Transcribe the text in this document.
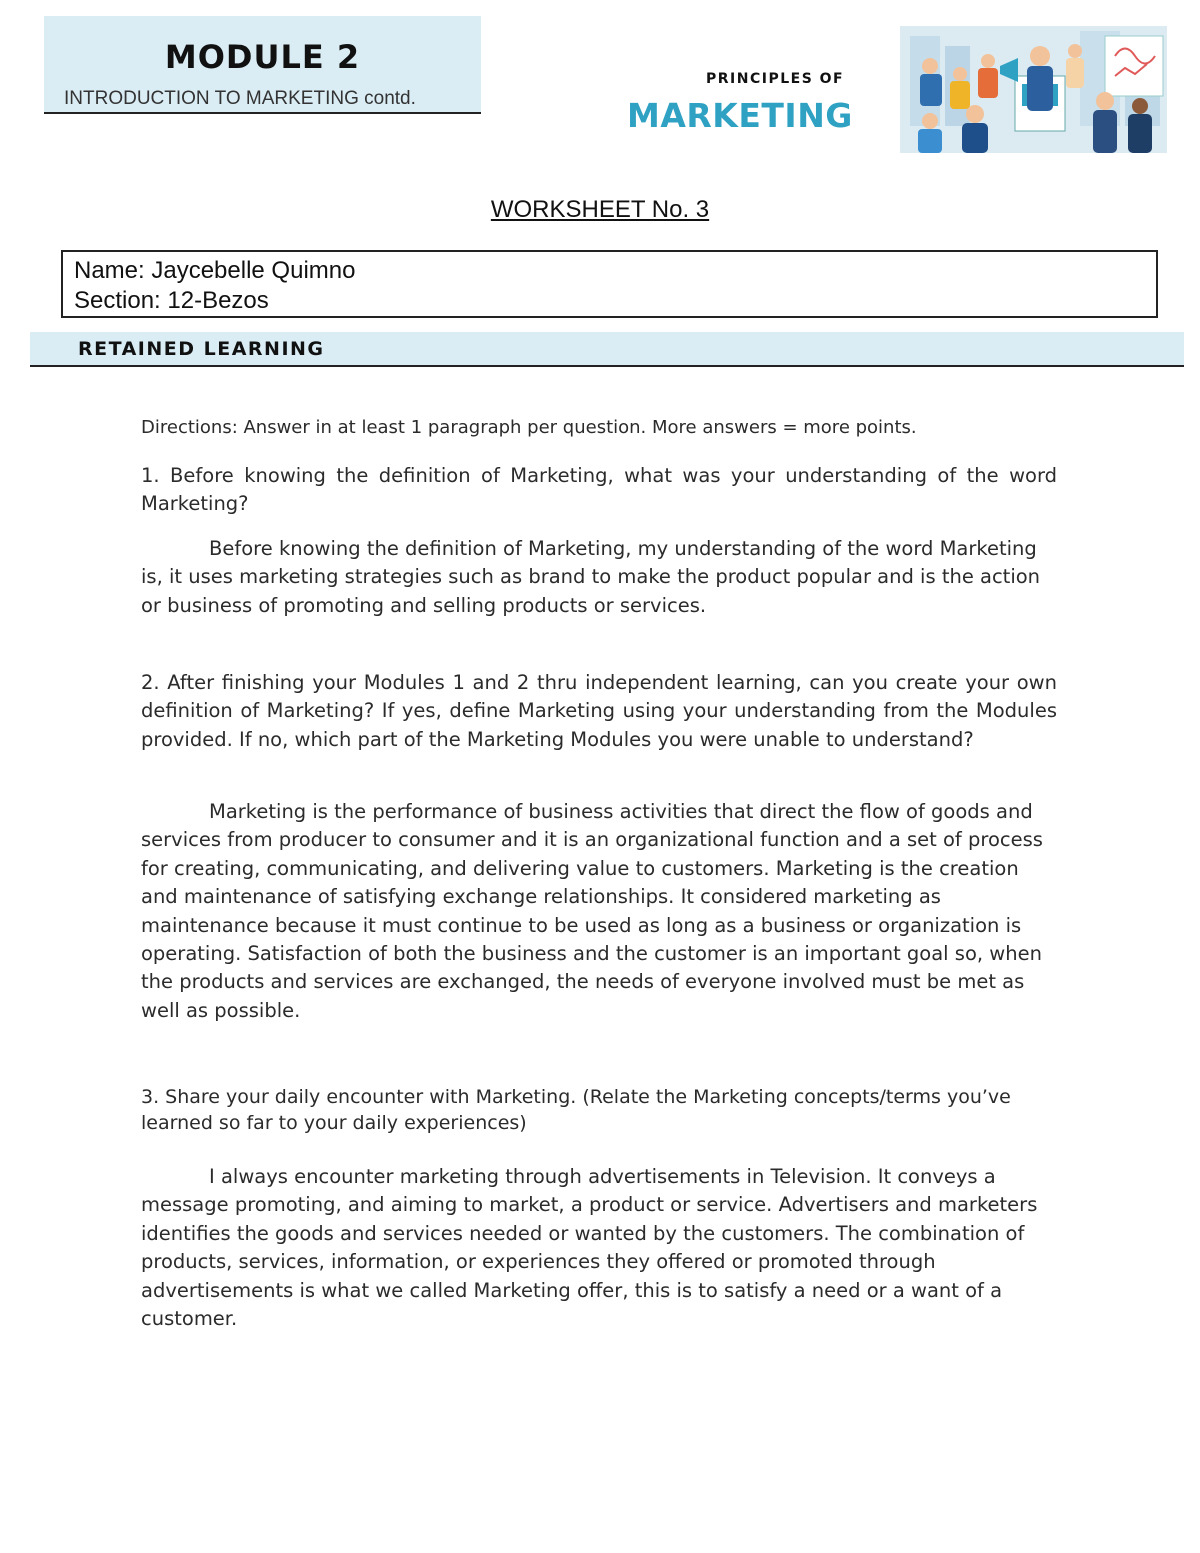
MODULE 2
INTRODUCTION TO MARKETING contd.
PRINCIPLES OF
MARKETING
WORKSHEET No. 3
Name: Jaycebelle Quimno
Section: 12-Bezos
RETAINED LEARNING

Directions: Answer in at least 1 paragraph per question. More answers = more points.

1. Before knowing the definition of Marketing, what was your understanding of the word Marketing?

Before knowing the definition of Marketing, my understanding of the word Marketing is, it uses marketing strategies such as brand to make the product popular and is the action or business of promoting and selling products or services.

2. After finishing your Modules 1 and 2 thru independent learning, can you create your own definition of Marketing? If yes, define Marketing using your understanding from the Modules provided. If no, which part of the Marketing Modules you were unable to understand?

Marketing is the performance of business activities that direct the flow of goods and services from producer to consumer and it is an organizational function and a set of process for creating, communicating, and delivering value to customers. Marketing is the creation and maintenance of satisfying exchange relationships. It considered marketing as maintenance because it must continue to be used as long as a business or organization is operating. Satisfaction of both the business and the customer is an important goal so, when the products and services are exchanged, the needs of everyone involved must be met as well as possible.

3. Share your daily encounter with Marketing. (Relate the Marketing concepts/terms you’ve learned so far to your daily experiences)

I always encounter marketing through advertisements in Television. It conveys a message promoting, and aiming to market, a product or service. Advertisers and marketers identifies the goods and services needed or wanted by the customers. The combination of products, services, information, or experiences they offered or promoted through advertisements is what we called Marketing offer, this is to satisfy a need or a want of a customer.
